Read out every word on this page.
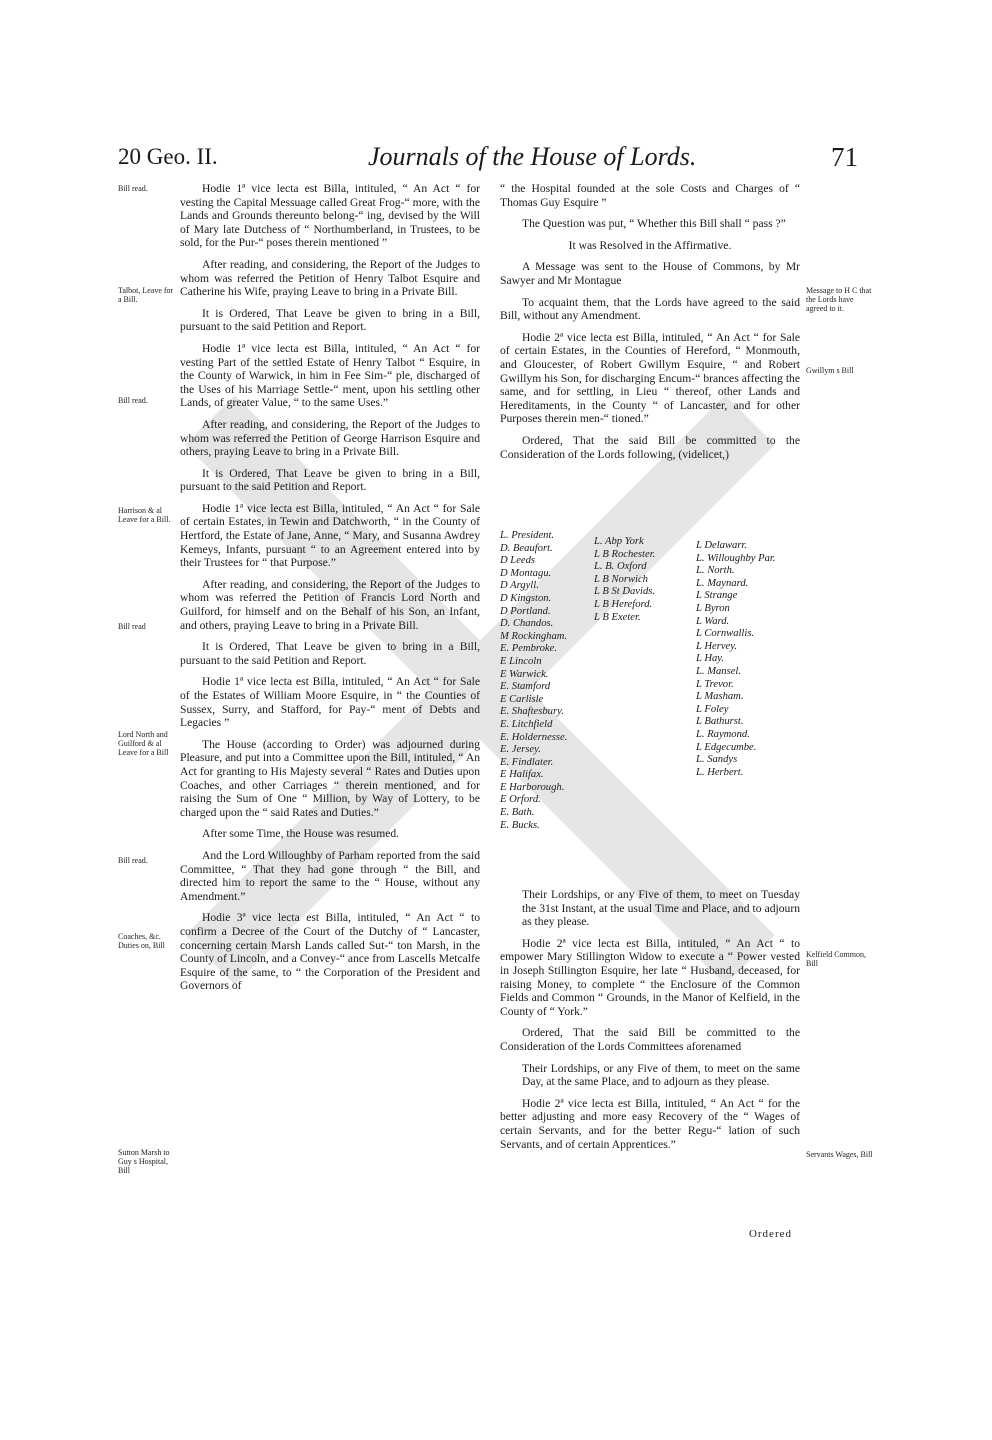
20 Geo. II.	Journals of the House of Lords.	71
Bill read.
Talbot, Leave for a Bill.
Bill read.
Harrison & al Leave for a Bill.
Bill read
Lord North and Guilford & al Leave for a Bill
Bill read.
Coaches, &c. Duties on, Bill
Sutton Marsh to Guy s Hospital, Bill
Message to H C that the Lords have agreed to it.
Gwillym s Bill
Kelfield Common, Bill
Servants Wages, Bill

Hodie 1ª vice lecta est Billa, intituled, “ An Act “ for vesting the Capital Messuage called Great Frog-“ more, with the Lands and Grounds thereunto belong-“ ing, devised by the Will of Mary late Dutchess of “ Northumberland, in Trustees, to be sold, for the Pur-“ poses therein mentioned ”

After reading, and considering, the Report of the Judges to whom was referred the Petition of Henry Talbot Esquire and Catherine his Wife, praying Leave to bring in a Private Bill.

It is Ordered, That Leave be given to bring in a Bill, pursuant to the said Petition and Report.

Hodie 1ª vice lecta est Billa, intituled, “ An Act “ for vesting Part of the settled Estate of Henry Talbot “ Esquire, in the County of Warwick, in him in Fee Sim-“ ple, discharged of the Uses of his Marriage Settle-“ ment, upon his settling other Lands, of greater Value, “ to the same Uses.”

After reading, and considering, the Report of the Judges to whom was referred the Petition of George Harrison Esquire and others, praying Leave to bring in a Private Bill.

It is Ordered, That Leave be given to bring in a Bill, pursuant to the said Petition and Report.

Hodie 1ª vice lecta est Billa, intituled, “ An Act “ for Sale of certain Estates, in Tewin and Datchworth, “ in the County of Hertford, the Estate of Jane, Anne, “ Mary, and Susanna Awdrey Kemeys, Infants, pursuant “ to an Agreement entered into by their Trustees for “ that Purpose.”

After reading, and considering, the Report of the Judges to whom was referred the Petition of Francis Lord North and Guilford, for himself and on the Behalf of his Son, an Infant, and others, praying Leave to bring in a Private Bill.

It is Ordered, That Leave be given to bring in a Bill, pursuant to the said Petition and Report.

Hodie 1ª vice lecta est Billa, intituled, “ An Act “ for Sale of the Estates of William Moore Esquire, in “ the Counties of Sussex, Surry, and Stafford, for Pay-“ ment of Debts and Legacies ”

The House (according to Order) was adjourned during Pleasure, and put into a Committee upon the Bill, intituled, “ An Act for granting to His Majesty several “ Rates and Duties upon Coaches, and other Carriages “ therein mentioned, and for raising the Sum of One “ Million, by Way of Lottery, to be charged upon the “ said Rates and Duties.”

After some Time, the House was resumed.

And the Lord Willoughby of Parham reported from the said Committee, “ That they had gone through “ the Bill, and directed him to report the same to the “ House, without any Amendment.”

Hodie 3ª vice lecta est Billa, intituled, “ An Act “ to confirm a Decree of the Court of the Dutchy of “ Lancaster, concerning certain Marsh Lands called Sut-“ ton Marsh, in the County of Lincoln, and a Convey-“ ance from Lascells Metcalfe Esquire of the same, to “ the Corporation of the President and Governors of

“ the Hospital founded at the sole Costs and Charges of “ Thomas Guy Esquire ”

The Question was put, “ Whether this Bill shall “ pass ?”

It was Resolved in the Affirmative.

A Message was sent to the House of Commons, by Mr Sawyer and Mr Montague

To acquaint them, that the Lords have agreed to the said Bill, without any Amendment.

Hodie 2ª vice lecta est Billa, intituled, “ An Act “ for Sale of certain Estates, in the Counties of Hereford, “ Monmouth, and Gloucester, of Robert Gwillym Esquire, “ and Robert Gwillym his Son, for discharging Encum-“ brances affecting the same, and for settling, in Lieu “ thereof, other Lands and Hereditaments, in the County “ of Lancaster, and for other Purposes therein men-“ tioned.”

Ordered, That the said Bill be committed to the Consideration of the Lords following, (videlicet,)

L. President.
D. Beaufort.
D Leeds
D Montagu.
D Argyll.
D Kingston.
D Portland.
D. Chandos.
M Rockingham.
E. Pembroke.
E Lincoln
E Warwick.
E. Stamford
E Carlisle
E. Shaftesbury.
E. Litchfield
E. Holdernesse.
E. Jersey.
E. Findlater.
E Halifax.
E Harborough.
E Orford.
E. Bath.
E. Bucks.
L. Abp York
L B Rochester.
L. B. Oxford
L B Norwich
L B St Davids.
L B Hereford.
L B Exeter.
L Delawarr.
L. Willoughby Par.
L. North.
L. Maynard.
L Strange
L Byron
L Ward.
L Cornwallis.
L Hervey.
L Hay.
L. Mansel.
L Trevor.
L Masham.
L Foley
L Bathurst.
L. Raymond.
L Edgecumbe.
L. Sandys
L. Herbert.

Their Lordships, or any Five of them, to meet on Tuesday the 31st Instant, at the usual Time and Place, and to adjourn as they please.

Hodie 2ª vice lecta est Billa, intituled, “ An Act “ to empower Mary Stillington Widow to execute a “ Power vested in Joseph Stillington Esquire, her late “ Husband, deceased, for raising Money, to complete “ the Enclosure of the Common Fields and Common “ Grounds, in the Manor of Kelfield, in the County of “ York.”

Ordered, That the said Bill be committed to the Consideration of the Lords Committees aforenamed

Their Lordships, or any Five of them, to meet on the same Day, at the same Place, and to adjourn as they please.

Hodie 2ª vice lecta est Billa, intituled, “ An Act “ for the better adjusting and more easy Recovery of the “ Wages of certain Servants, and for the better Regu-“ lation of such Servants, and of certain Apprentices.”

Ordered
